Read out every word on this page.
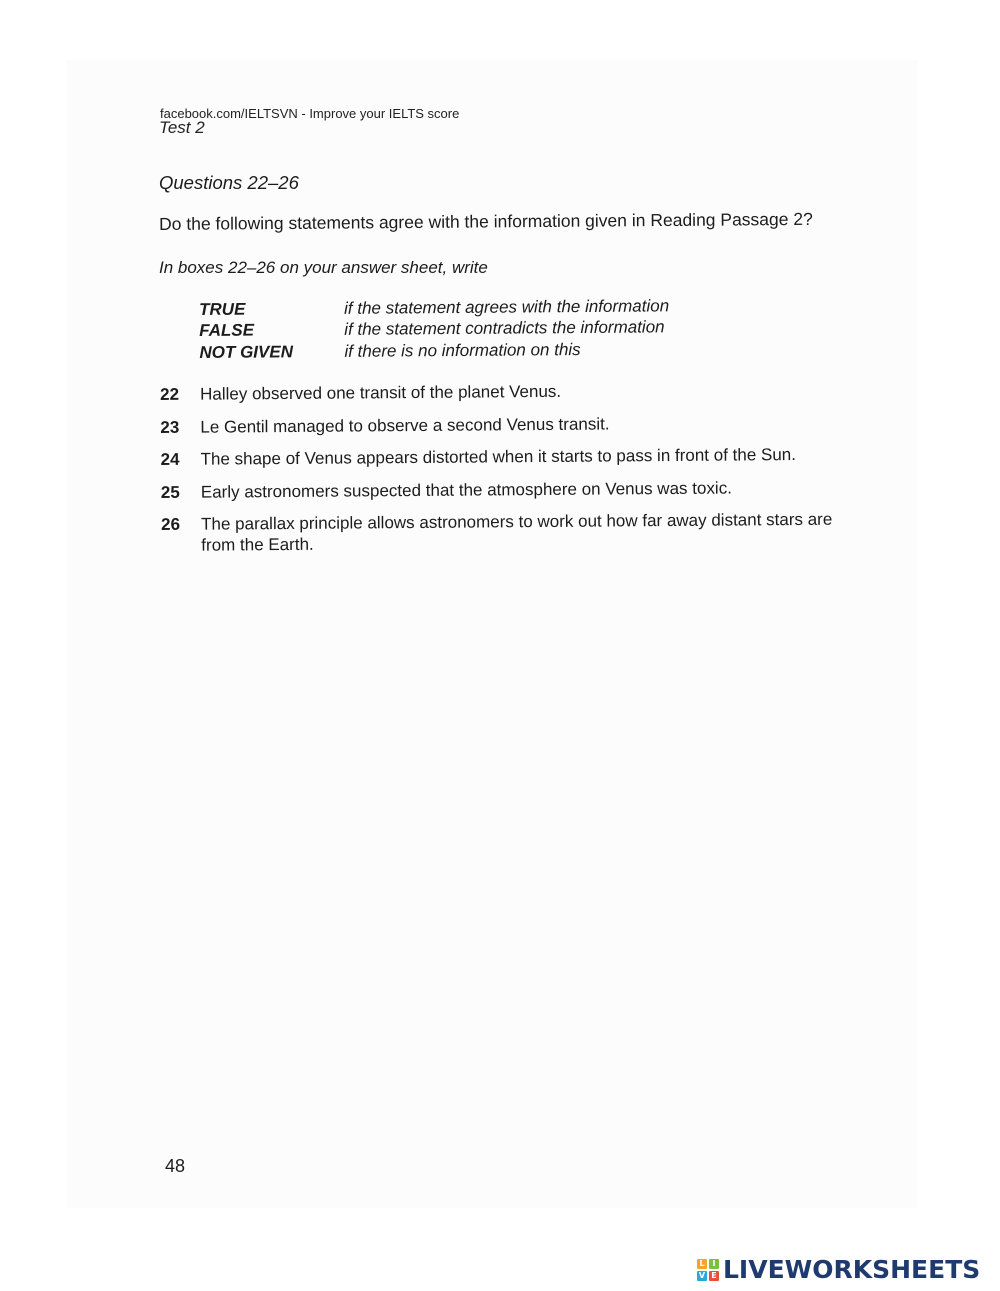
facebook.com/IELTSVN - Improve your IELTS score
Test 2
Questions 22–26
Do the following statements agree with the information given in Reading Passage 2?
In boxes 22–26 on your answer sheet, write
TRUE	if the statement agrees with the information
FALSE	if the statement contradicts the information
NOT GIVEN	if there is no information on this
22	Halley observed one transit of the planet Venus.
23	Le Gentil managed to observe a second Venus transit.
24	The shape of Venus appears distorted when it starts to pass in front of the Sun.
25	Early astronomers suspected that the atmosphere on Venus was toxic.
26	The parallax principle allows astronomers to work out how far away distant stars are from the Earth.
48
L I
V E LIVEWORKSHEETS
